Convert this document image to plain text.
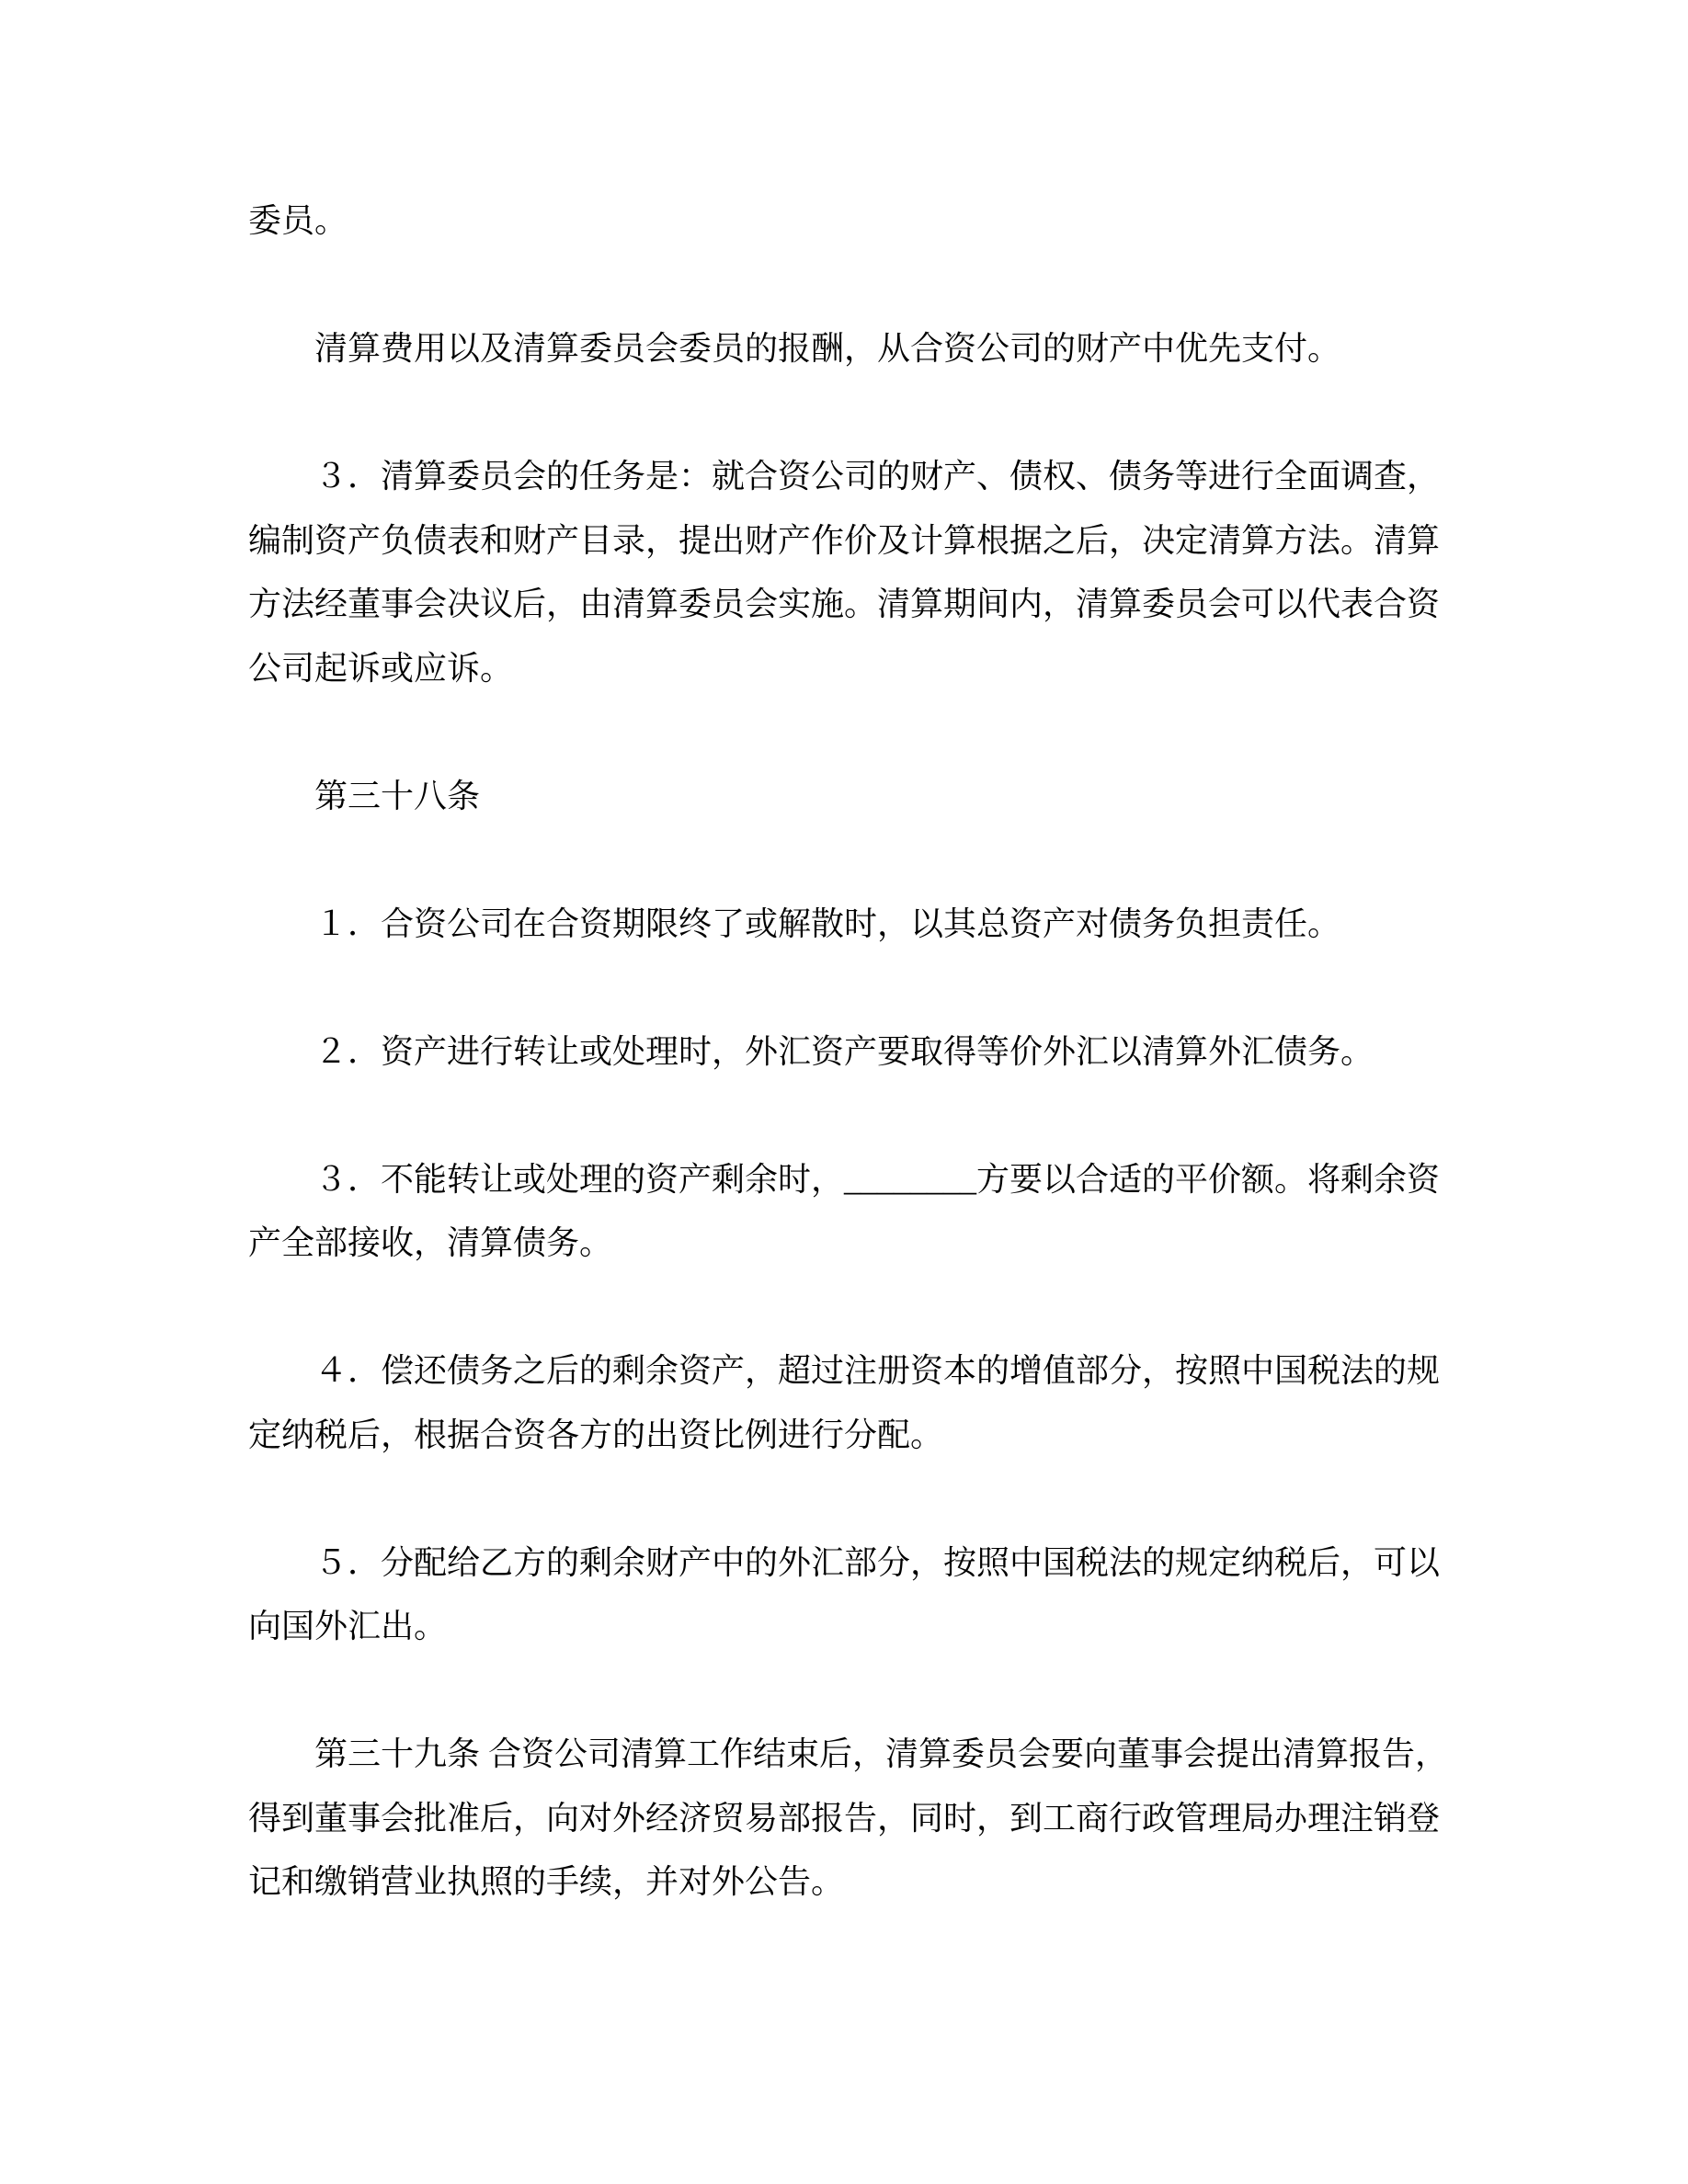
委员。
清算费用以及清算委员会委员的报酬，从合资公司的财产中优先支付。
３．清算委员会的任务是：就合资公司的财产、债权、债务等进行全面调查，
编制资产负债表和财产目录，提出财产作价及计算根据之后，决定清算方法。清算
方法经董事会决议后，由清算委员会实施。清算期间内，清算委员会可以代表合资
公司起诉或应诉。
第三十八条
１．合资公司在合资期限终了或解散时，以其总资产对债务负担责任。
２．资产进行转让或处理时，外汇资产要取得等价外汇以清算外汇债务。
３．不能转让或处理的资产剩余时，________方要以合适的平价额。将剩余资
产全部接收，清算债务。
４．偿还债务之后的剩余资产，超过注册资本的增值部分，按照中国税法的规
定纳税后，根据合资各方的出资比例进行分配。
５．分配给乙方的剩余财产中的外汇部分，按照中国税法的规定纳税后，可以
向国外汇出。
第三十九条 合资公司清算工作结束后，清算委员会要向董事会提出清算报告，
得到董事会批准后，向对外经济贸易部报告，同时，到工商行政管理局办理注销登
记和缴销营业执照的手续，并对外公告。
